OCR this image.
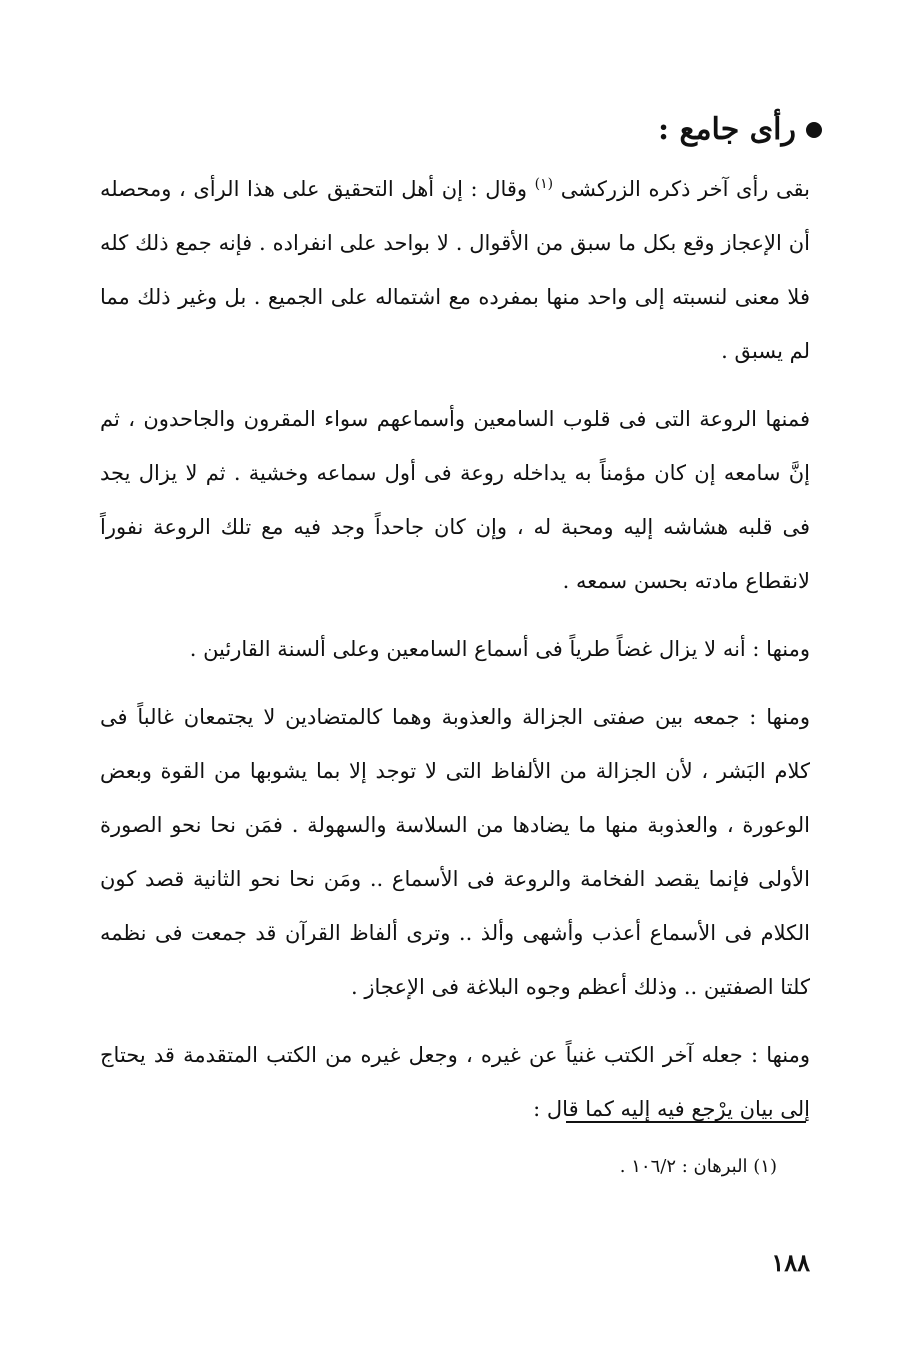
رأى جامع :

بقى رأى آخر ذكره الزركشى $^{(١)}$ وقال : إن أهل التحقيق على هذا الرأى ، ومحصله أن الإعجاز وقع بكل ما سبق من الأقوال . لا بواحد على انفراده . فإنه جمع ذلك كله فلا معنى لنسبته إلى واحد منها بمفرده مع اشتماله على الجميع . بل وغير ذلك مما لم يسبق .

فمنها الروعة التى فى قلوب السامعين وأسماعهم سواء المقرون والجاحدون ، ثم إنَّ سامعه إن كان مؤمناً به يداخله روعة فى أول سماعه وخشية . ثم لا يزال يجد فى قلبه هشاشه إليه ومحبة له ، وإن كان جاحداً وجد فيه مع تلك الروعة نفوراً لانقطاع مادته بحسن سمعه .

ومنها : أنه لا يزال غضاً طرياً فى أسماع السامعين وعلى ألسنة القارئين .

ومنها : جمعه بين صفتى الجزالة والعذوبة وهما كالمتضادين لا يجتمعان غالباً فى كلام البَشر ، لأن الجزالة من الألفاظ التى لا توجد إلا بما يشوبها من القوة وبعض الوعورة ، والعذوبة منها ما يضادها من السلاسة والسهولة . فمَن نحا نحو الصورة الأولى فإنما يقصد الفخامة والروعة فى الأسماع .. ومَن نحا نحو الثانية قصد كون الكلام فى الأسماع أعذب وأشهى وألذ .. وترى ألفاظ القرآن قد جمعت فى نظمه كلتا الصفتين .. وذلك أعظم وجوه البلاغة فى الإعجاز .

ومنها : جعله آخر الكتب غنياً عن غيره ، وجعل غيره من الكتب المتقدمة قد يحتاج إلى بيان يرْجع فيه إليه كما قال :

(١) البرهان : ١٠٦/٢ .
١٨٨
